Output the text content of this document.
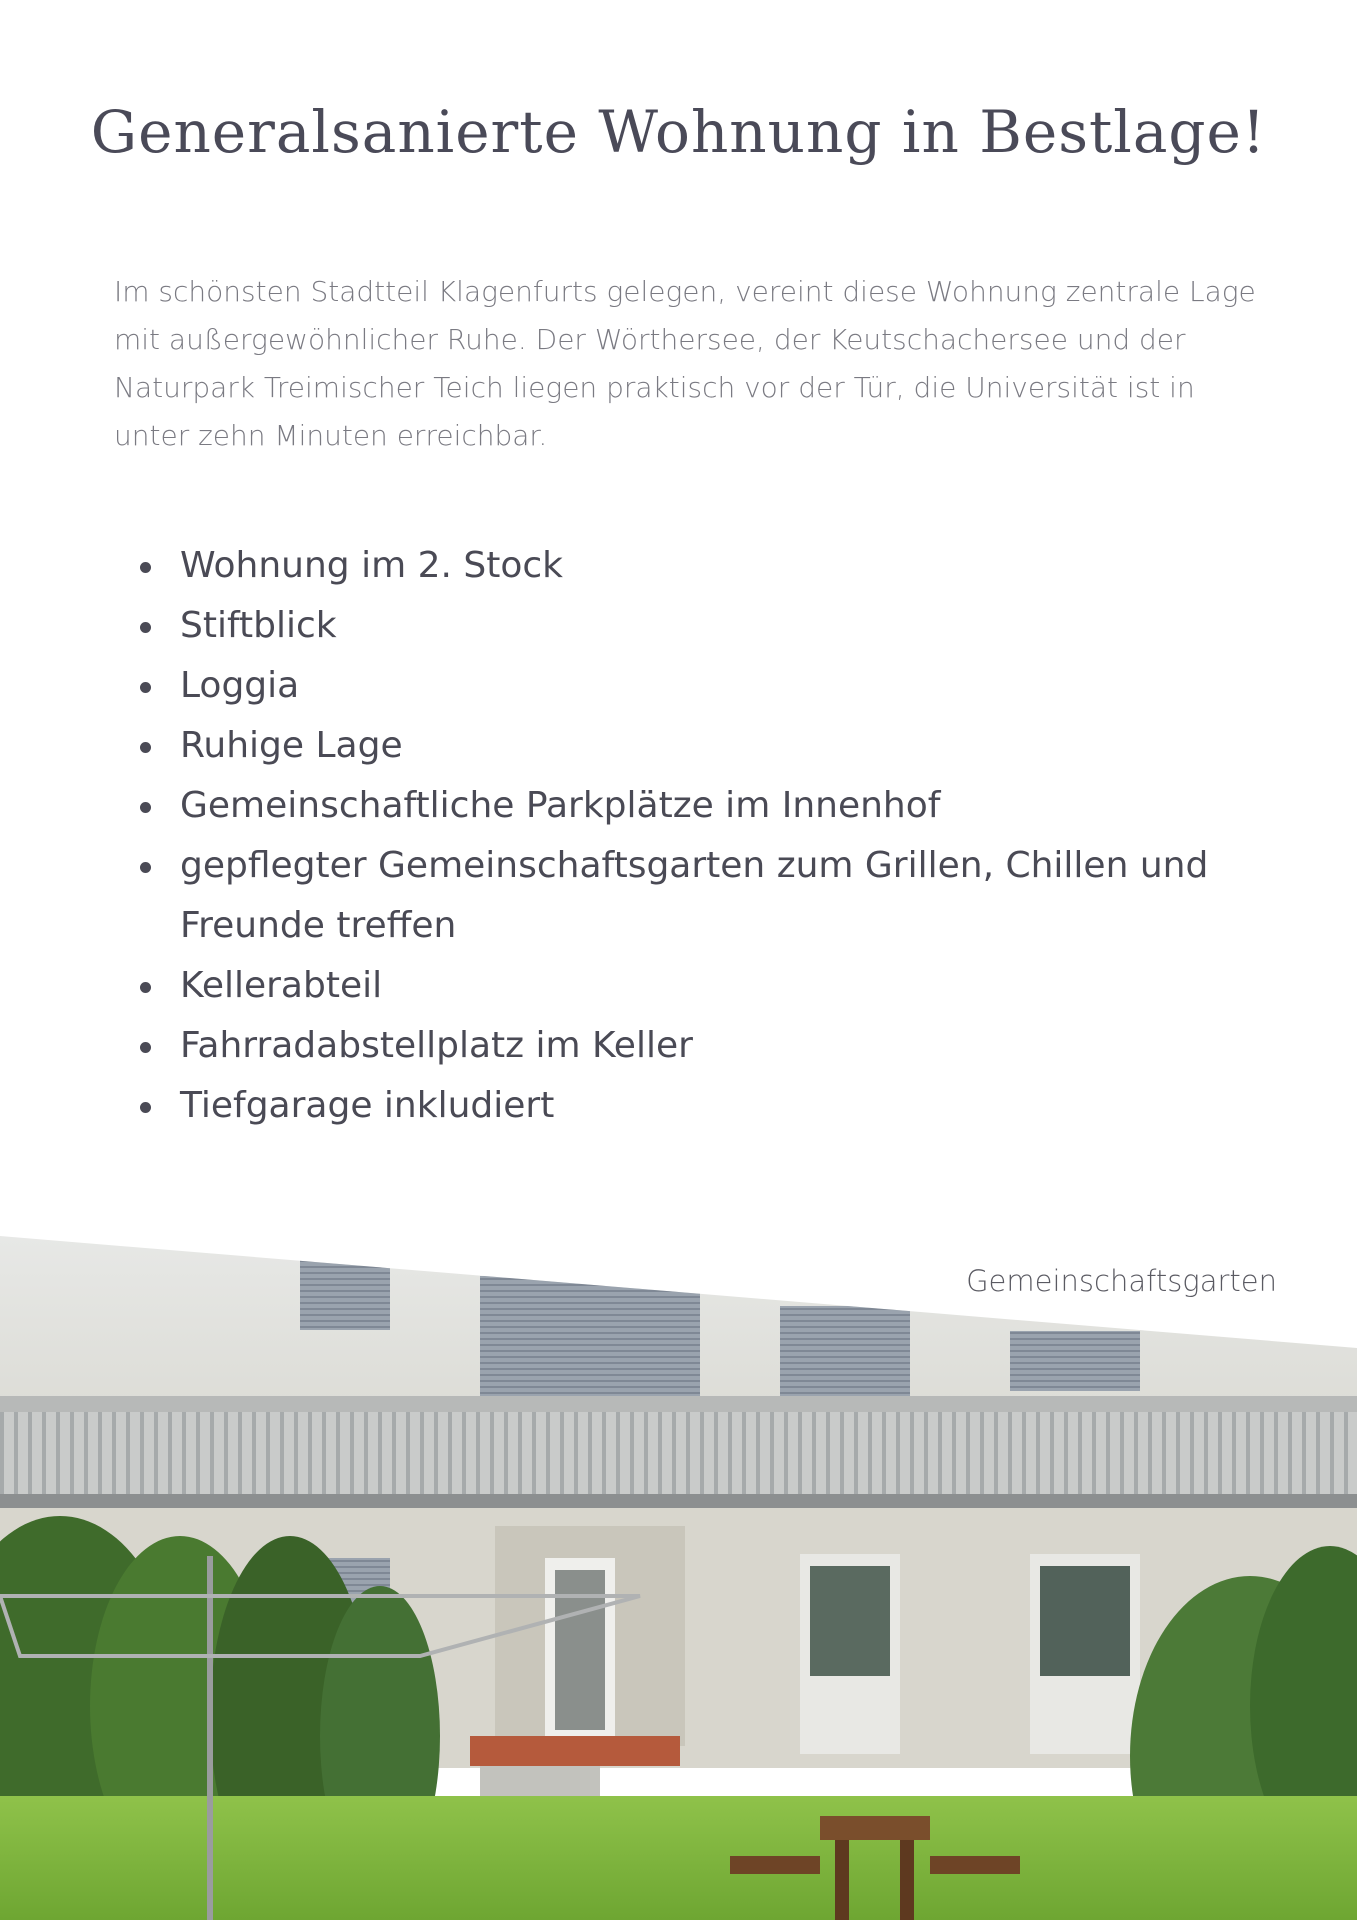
Generalsanierte Wohnung in Bestlage!

Im schönsten Stadtteil Klagenfurts gelegen, vereint diese Wohnung zentrale Lage mit außergewöhnlicher Ruhe. Der Wörthersee, der Keutschachersee und der Naturpark Treimischer Teich liegen praktisch vor der Tür, die Universität ist in unter zehn Minuten erreichbar.

Wohnung im 2. Stock
Stiftblick
Loggia
Ruhige Lage
Gemeinschaftliche Parkplätze im Innenhof
gepflegter Gemeinschaftsgarten zum Grillen, Chillen und Freunde treffen
Kellerabteil
Fahrradabstellplatz im Keller
Tiefgarage inkludiert
Gemeinschaftsgarten
